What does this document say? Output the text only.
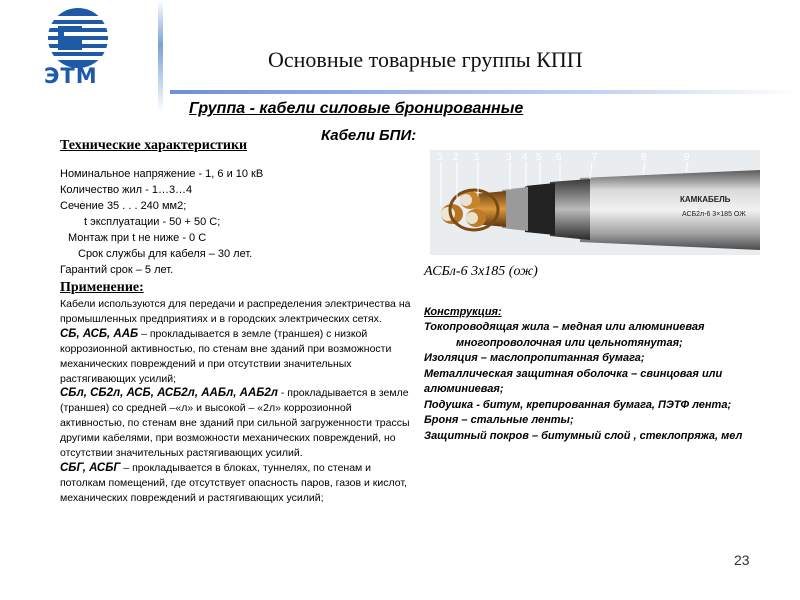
ЭТМ
Основные товарные группы КПП
Группа - кабели силовые бронированные
Кабели БПИ:
Технические характеристики
Номинальное напряжение - 1, 6 и 10 кВ
Количество жил - 1…3…4
Сечение 35 . . . 240 мм2;
t эксплуатации - 50 + 50 С;
Монтаж при t не ниже - 0 С
Срок службы для кабеля – 30 лет.
Гарантий срок – 5 лет.
Применение:

Кабели используются для передачи и распределения электричества на промышленных предприятиях и в городских электрических сетях.

СБ, АСБ, ААБ – прокладывается в земле (траншея) с низкой коррозионной активностью, по стенам вне зданий при возможности механических повреждений и при отсутствии значительных растягивающих усилий;

СБл, СБ2л, АСБ, АСБ2л, ААБл, ААБ2л - прокладывается в земле (траншея) со средней –«л» и высокой – «2л» коррозионной активностью, по стенам вне зданий при сильной загруженности трассы другими кабелями, при возможности механических повреждений, но отсутствии значительных растягивающих усилий.

СБГ, АСБГ – прокладывается в блоках, туннелях, по стенам и потолкам помещений, где отсутствует опасность паров, газов и кислот, механических повреждений и растягивающих усилий;

КАМКАБЕЛЬ
АСБ2л-6 3×185 ОЖ
3 2 1	3 4 5 6	7	8	9
АСБл-6 3х185 (ож)
Конструкция:
Токопроводящая жила – медная или алюминиевая
многопроволочная или цельнотянутая;
Изоляция – маслопропитанная бумага;
Металлическая защитная оболочка – свинцовая или алюминиевая;
Подушка - битум, крепированная бумага, ПЭТФ лента;
Броня – стальные ленты;
Защитный покров – битумный слой , стеклопряжа, мел
23
